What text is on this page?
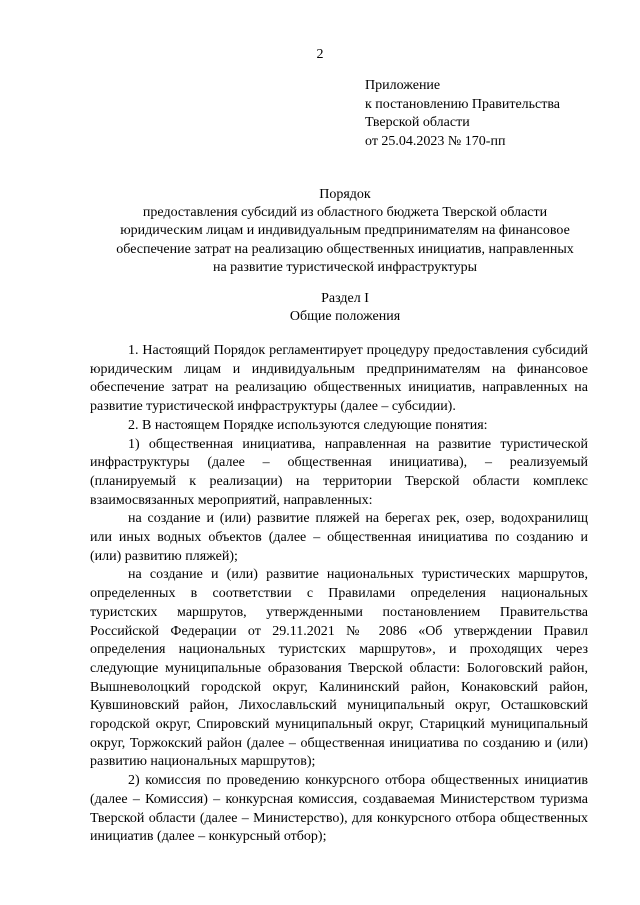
2
Приложение
к постановлению Правительства
Тверской области
от 25.04.2023 № 170-пп
Порядок
предоставления субсидий из областного бюджета Тверской области
юридическим лицам и индивидуальным предпринимателям на финансовое
обеспечение затрат на реализацию общественных инициатив, направленных
на развитие туристической инфраструктуры
Раздел I
Общие положения

1. Настоящий Порядок регламентирует процедуру предоставления субсидий юридическим лицам и индивидуальным предпринимателям на финансовое обеспечение затрат на реализацию общественных инициатив, направленных на развитие туристической инфраструктуры (далее – субсидии).

2. В настоящем Порядке используются следующие понятия:

1) общественная инициатива, направленная на развитие туристической инфраструктуры (далее – общественная инициатива), – реализуемый (планируемый к реализации) на территории Тверской области комплекс взаимосвязанных мероприятий, направленных:

на создание и (или) развитие пляжей на берегах рек, озер, водохранилищ или иных водных объектов (далее – общественная инициатива по созданию и (или) развитию пляжей);

на создание и (или) развитие национальных туристических маршрутов, определенных в соответствии с Правилами определения национальных туристских маршрутов, утвержденными постановлением Правительства Российской Федерации от 29.11.2021 № 2086 «Об утверждении Правил определения национальных туристских маршрутов», и проходящих через следующие муниципальные образования Тверской области: Бологовский район, Вышневолоцкий городской округ, Калининский район, Конаковский район, Кувшиновский район, Лихославльский муниципальный округ, Осташковский городской округ, Спировский муниципальный округ, Старицкий муниципальный округ, Торжокский район (далее – общественная инициатива по созданию и (или) развитию национальных маршрутов);

2) комиссия по проведению конкурсного отбора общественных инициатив (далее – Комиссия) – конкурсная комиссия, создаваемая Министерством туризма Тверской области (далее – Министерство), для конкурсного отбора общественных инициатив (далее – конкурсный отбор);
